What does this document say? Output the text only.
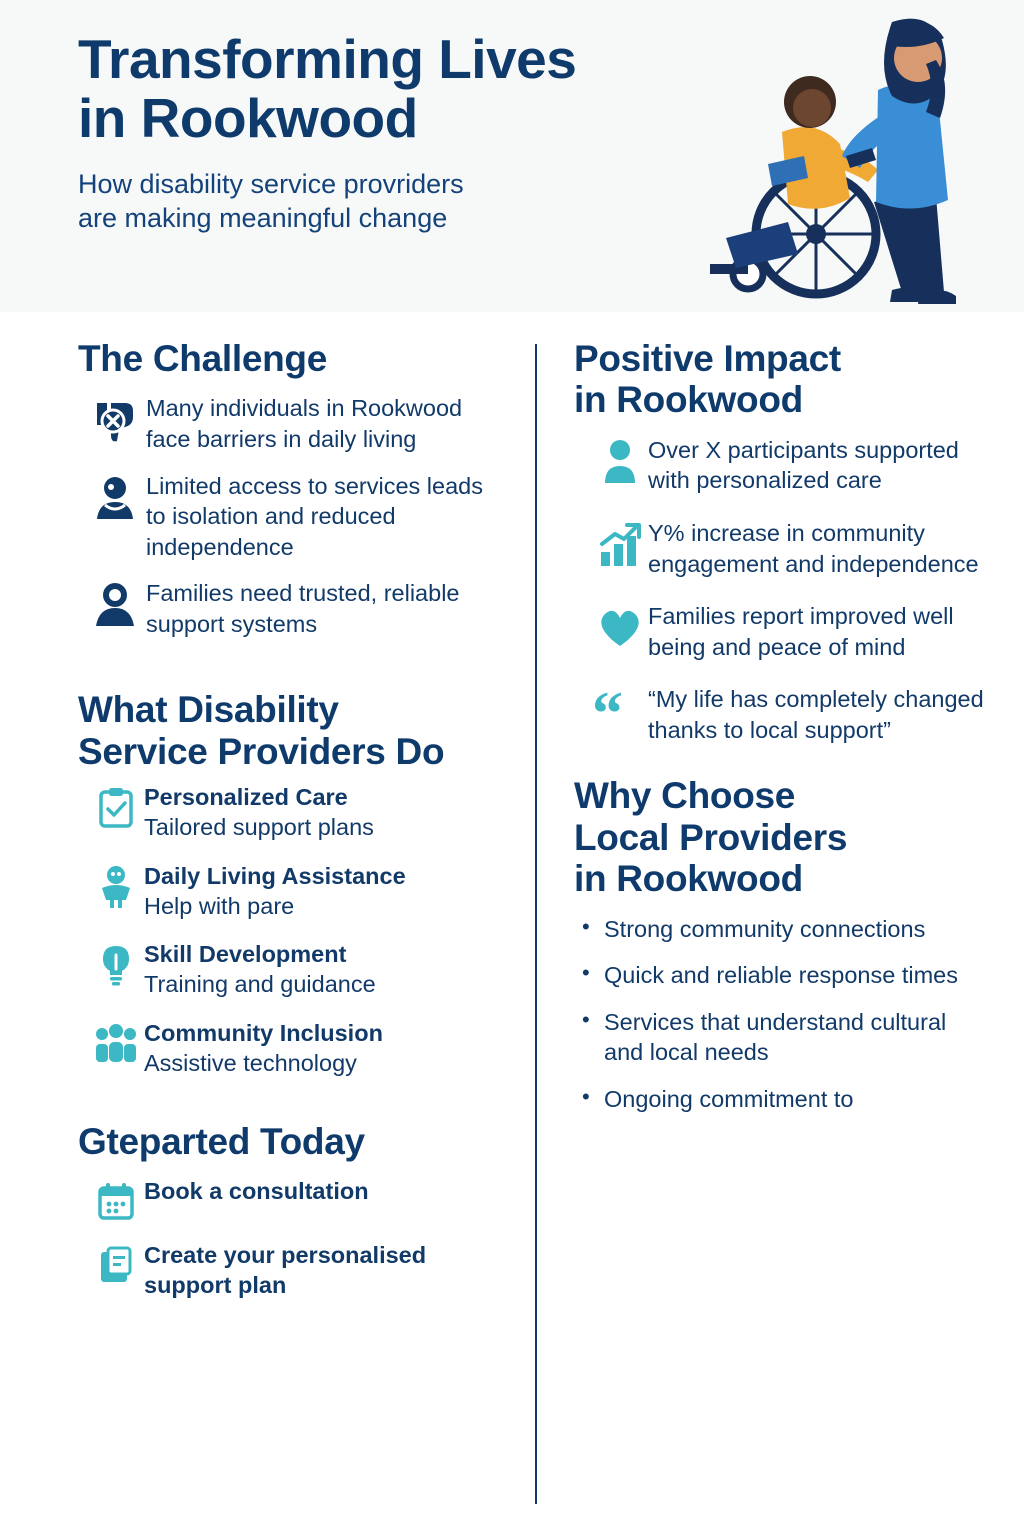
Transforming Lives
in Rookwood
How disability service provriders
are making meaningful change
The Challenge
Many individuals in Rookwood face barriers in daily living
Limited access to services leads to isolation and reduced independence
Families need trusted, reliable support systems
What Disability
Service Providers Do
Personalized Care
Tailored support plans
Daily Living Assistance
Help with pare
Skill Development
Training and guidance
Community Inclusion
Assistive technology
Gteparted Today
Book a consultation
Create your personalised support plan
Positive Impact
in Rookwood
Over X participants supported with personalized care
Y% increase in community engagement and independence
Families report improved well being and peace of mind
“	“My life has completely changed thanks to local support”
Why Choose
Local Providers
in Rookwood
• Strong community connections
• Quick and reliable response times
• Services that understand cultural and local needs
• Ongoing commitment to
